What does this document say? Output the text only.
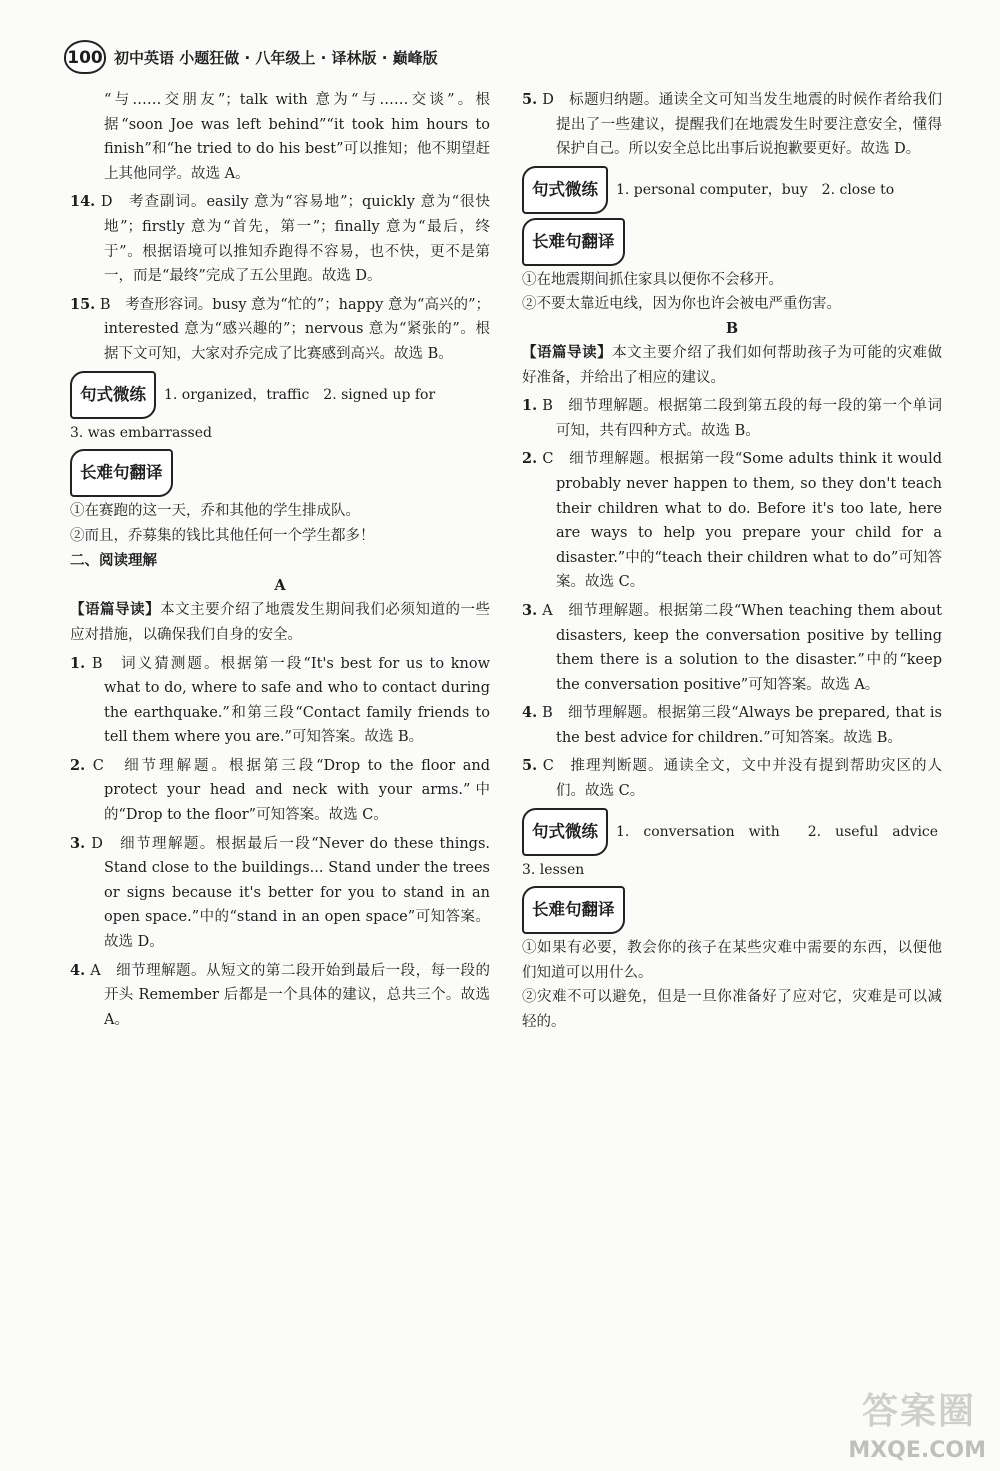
100 初中英语 小题狂做 · 八年级上 · 译林版 · 巅峰版
“与……交朋友”；talk with 意为“与……交谈”。根据“soon Joe was left behind”“it took him hours to finish”和“he tried to do his best”可以推知；他不期望赶上其他同学。故选 A。
14. D　考查副词。easily 意为“容易地”；quickly 意为“很快地”；firstly 意为“首先，第一”；finally 意为“最后，终于”。根据语境可以推知乔跑得不容易，也不快，更不是第一，而是“最终”完成了五公里跑。故选 D。
15. B　考查形容词。busy 意为“忙的”；happy 意为“高兴的”；interested 意为“感兴趣的”；nervous 意为“紧张的”。根据下文可知，大家对乔完成了比赛感到高兴。故选 B。
句式微练 1. organized，traffic　2. signed up for
3. was embarrassed
长难句翻译
①在赛跑的这一天，乔和其他的学生排成队。
②而且，乔募集的钱比其他任何一个学生都多！
二、阅读理解
A
【语篇导读】本文主要介绍了地震发生期间我们必须知道的一些应对措施，以确保我们自身的安全。
1. B　词义猜测题。根据第一段“It's best for us to know what to do, where to safe and who to contact during the earthquake.”和第三段“Contact family friends to tell them where you are.”可知答案。故选 B。
2. C　细节理解题。根据第三段“Drop to the floor and protect your head and neck with your arms.”中的“Drop to the floor”可知答案。故选 C。
3. D　细节理解题。根据最后一段“Never do these things. Stand close to the buildings... Stand under the trees or signs because it's better for you to stand in an open space.”中的“stand in an open space”可知答案。故选 D。
4. A　细节理解题。从短文的第二段开始到最后一段，每一段的开头 Remember 后都是一个具体的建议，总共三个。故选 A。
5. D　标题归纳题。通读全文可知当发生地震的时候作者给我们提出了一些建议，提醒我们在地震发生时要注意安全，懂得保护自己。所以安全总比出事后说抱歉要更好。故选 D。
句式微练 1. personal computer，buy　2. close to
长难句翻译
①在地震期间抓住家具以便你不会移开。
②不要太靠近电线，因为你也许会被电严重伤害。
B
【语篇导读】本文主要介绍了我们如何帮助孩子为可能的灾难做好准备，并给出了相应的建议。
1. B　细节理解题。根据第二段到第五段的每一段的第一个单词可知，共有四种方式。故选 B。
2. C　细节理解题。根据第一段“Some adults think it would probably never happen to them, so they don't teach their children what to do. Before it's too late, here are ways to help you prepare your child for a disaster.”中的“teach their children what to do”可知答案。故选 C。
3. A　细节理解题。根据第二段“When teaching them about disasters, keep the conversation positive by telling them there is a solution to the disaster.”中的“keep the conversation positive”可知答案。故选 A。
4. B　细节理解题。根据第三段“Always be prepared, that is the best advice for children.”可知答案。故选 B。
5. C　推理判断题。通读全文，文中并没有提到帮助灾区的人们。故选 C。
句式微练 1.　conversation　with　　2.　useful　advice
3. lessen
长难句翻译
①如果有必要，教会你的孩子在某些灾难中需要的东西，以便他们知道可以用什么。
②灾难不可以避免，但是一旦你准备好了应对它，灾难是可以减轻的。
答案圈
MXQE.COM
